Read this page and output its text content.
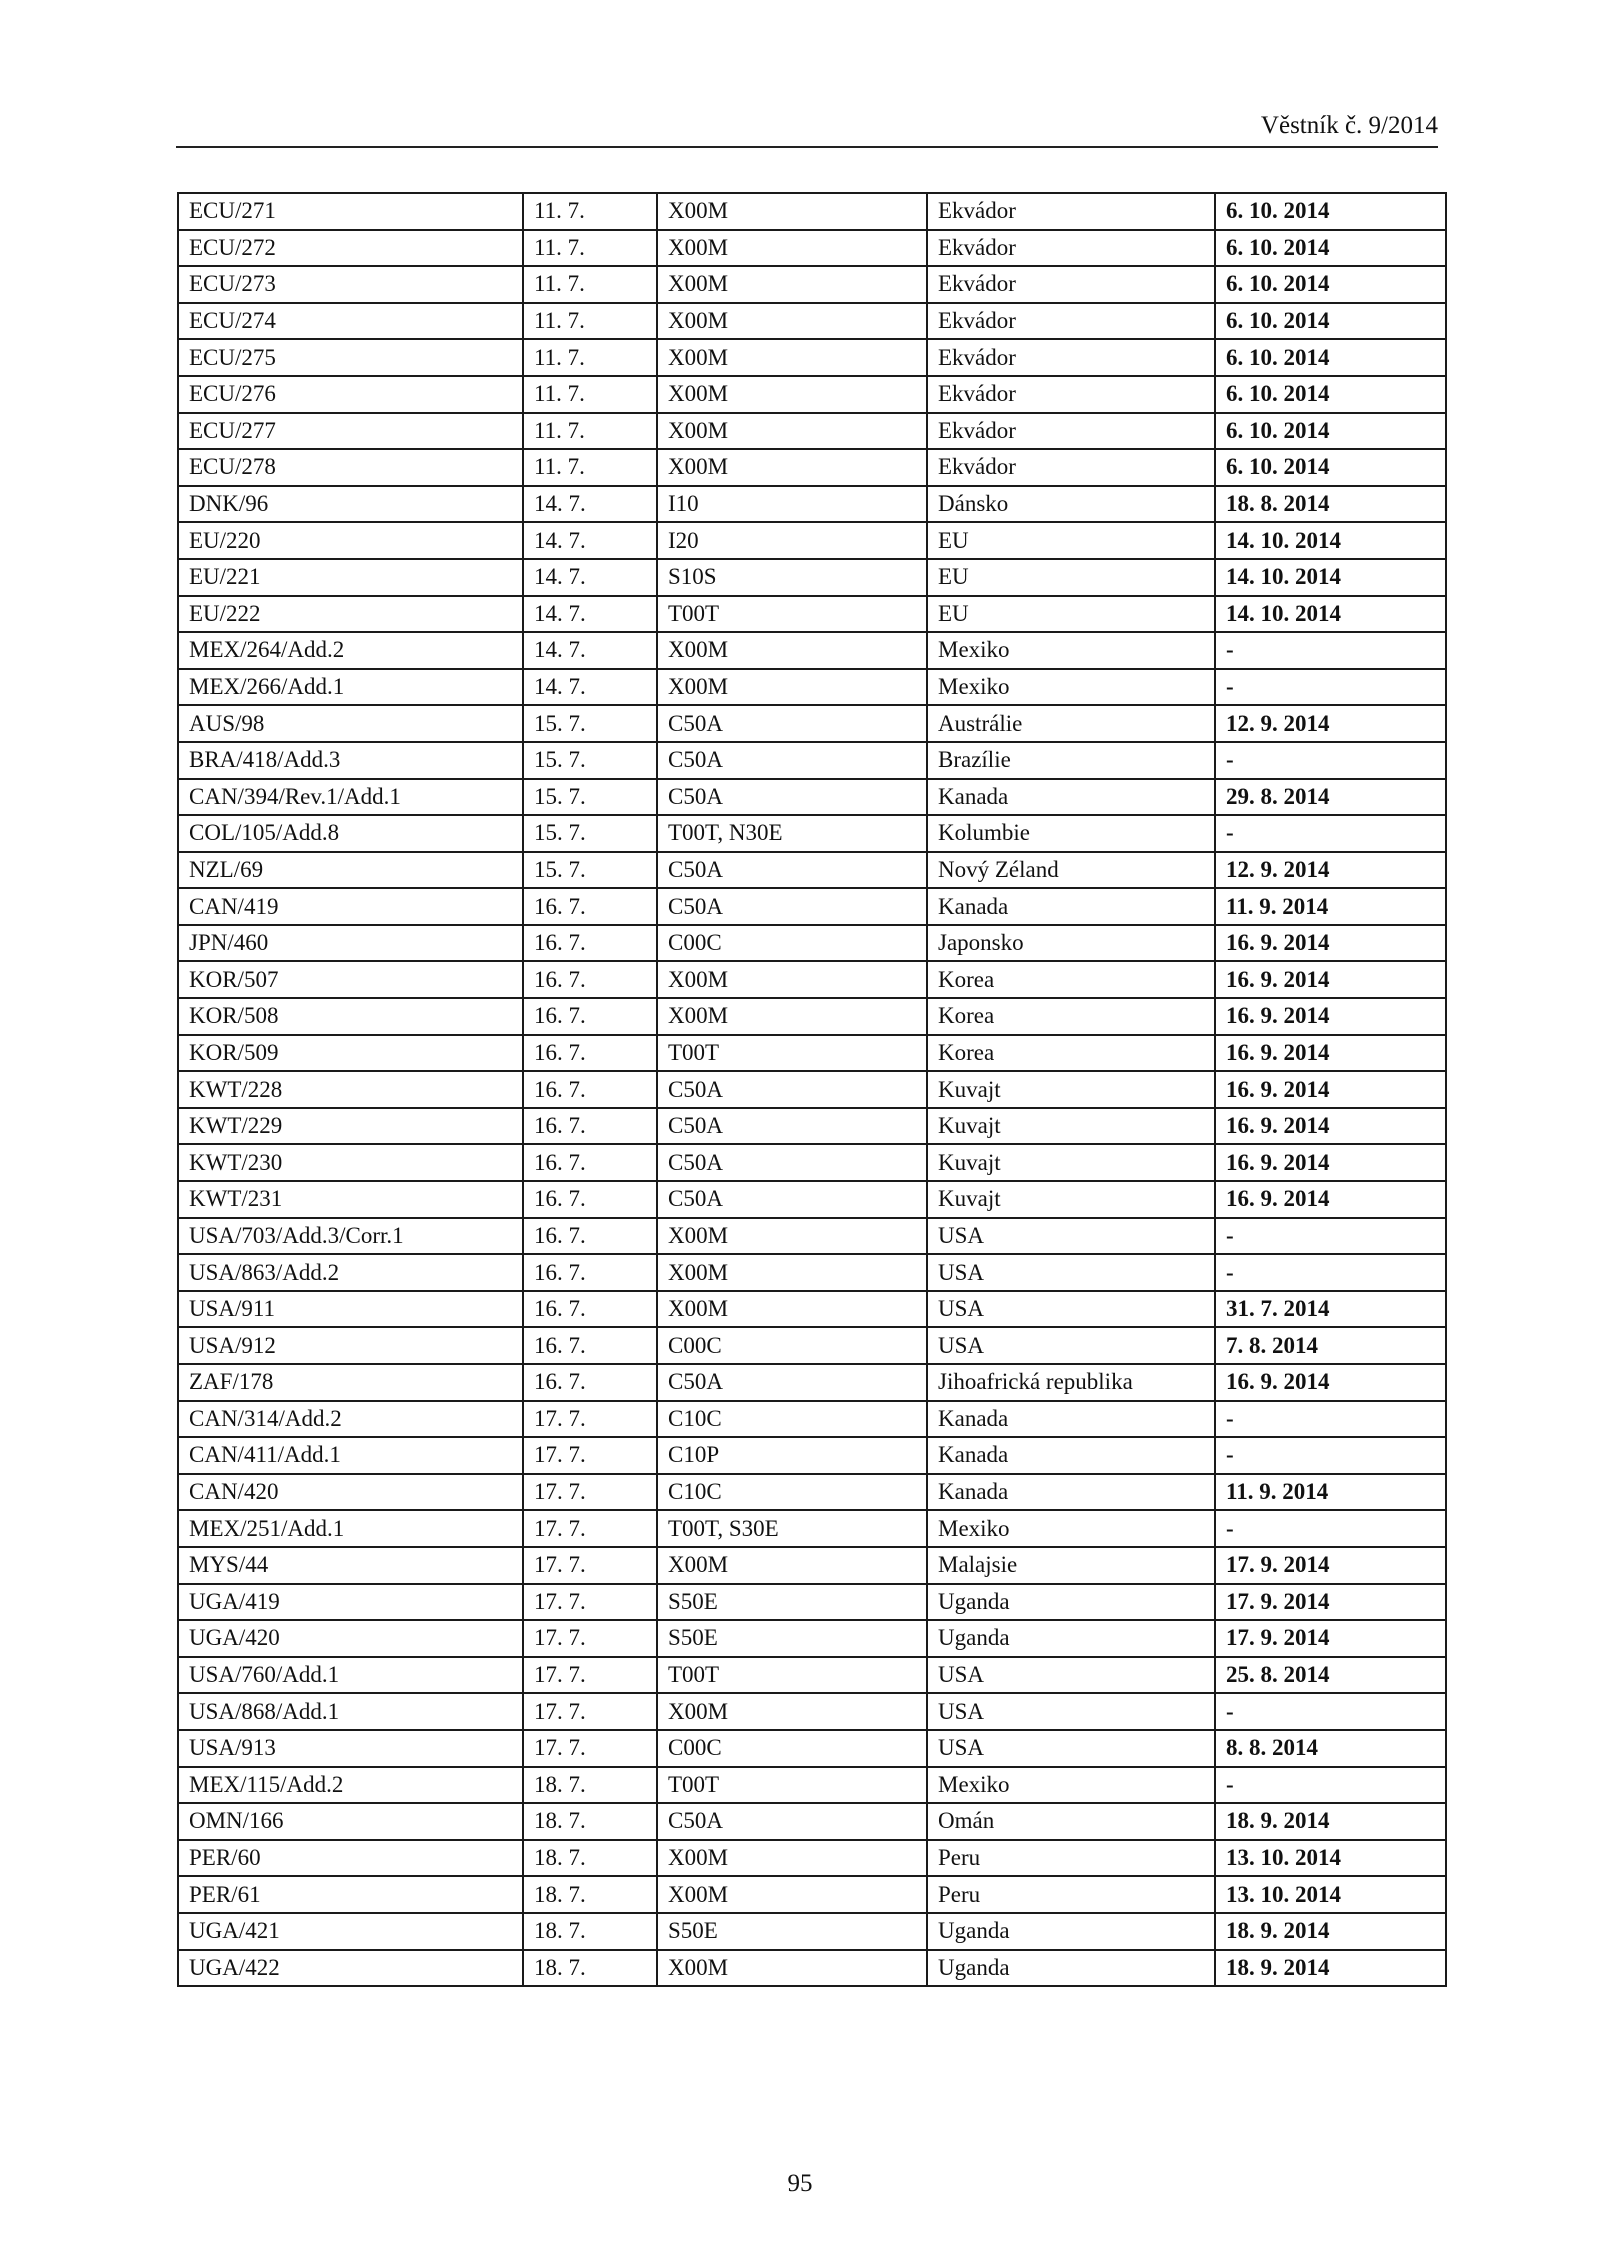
Věstník č. 9/2014
ECU/271	11. 7.	X00M	Ekvádor	6. 10. 2014
ECU/272	11. 7.	X00M	Ekvádor	6. 10. 2014
ECU/273	11. 7.	X00M	Ekvádor	6. 10. 2014
ECU/274	11. 7.	X00M	Ekvádor	6. 10. 2014
ECU/275	11. 7.	X00M	Ekvádor	6. 10. 2014
ECU/276	11. 7.	X00M	Ekvádor	6. 10. 2014
ECU/277	11. 7.	X00M	Ekvádor	6. 10. 2014
ECU/278	11. 7.	X00M	Ekvádor	6. 10. 2014
DNK/96	14. 7.	I10	Dánsko	18. 8. 2014
EU/220	14. 7.	I20	EU	14. 10. 2014
EU/221	14. 7.	S10S	EU	14. 10. 2014
EU/222	14. 7.	T00T	EU	14. 10. 2014
MEX/264/Add.2	14. 7.	X00M	Mexiko	-
MEX/266/Add.1	14. 7.	X00M	Mexiko	-
AUS/98	15. 7.	C50A	Austrálie	12. 9. 2014
BRA/418/Add.3	15. 7.	C50A	Brazílie	-
CAN/394/Rev.1/Add.1	15. 7.	C50A	Kanada	29. 8. 2014
COL/105/Add.8	15. 7.	T00T, N30E	Kolumbie	-
NZL/69	15. 7.	C50A	Nový Zéland	12. 9. 2014
CAN/419	16. 7.	C50A	Kanada	11. 9. 2014
JPN/460	16. 7.	C00C	Japonsko	16. 9. 2014
KOR/507	16. 7.	X00M	Korea	16. 9. 2014
KOR/508	16. 7.	X00M	Korea	16. 9. 2014
KOR/509	16. 7.	T00T	Korea	16. 9. 2014
KWT/228	16. 7.	C50A	Kuvajt	16. 9. 2014
KWT/229	16. 7.	C50A	Kuvajt	16. 9. 2014
KWT/230	16. 7.	C50A	Kuvajt	16. 9. 2014
KWT/231	16. 7.	C50A	Kuvajt	16. 9. 2014
USA/703/Add.3/Corr.1	16. 7.	X00M	USA	-
USA/863/Add.2	16. 7.	X00M	USA	-
USA/911	16. 7.	X00M	USA	31. 7. 2014
USA/912	16. 7.	C00C	USA	7. 8. 2014
ZAF/178	16. 7.	C50A	Jihoafrická republika	16. 9. 2014
CAN/314/Add.2	17. 7.	C10C	Kanada	-
CAN/411/Add.1	17. 7.	C10P	Kanada	-
CAN/420	17. 7.	C10C	Kanada	11. 9. 2014
MEX/251/Add.1	17. 7.	T00T, S30E	Mexiko	-
MYS/44	17. 7.	X00M	Malajsie	17. 9. 2014
UGA/419	17. 7.	S50E	Uganda	17. 9. 2014
UGA/420	17. 7.	S50E	Uganda	17. 9. 2014
USA/760/Add.1	17. 7.	T00T	USA	25. 8. 2014
USA/868/Add.1	17. 7.	X00M	USA	-
USA/913	17. 7.	C00C	USA	8. 8. 2014
MEX/115/Add.2	18. 7.	T00T	Mexiko	-
OMN/166	18. 7.	C50A	Omán	18. 9. 2014
PER/60	18. 7.	X00M	Peru	13. 10. 2014
PER/61	18. 7.	X00M	Peru	13. 10. 2014
UGA/421	18. 7.	S50E	Uganda	18. 9. 2014
UGA/422	18. 7.	X00M	Uganda	18. 9. 2014
95
